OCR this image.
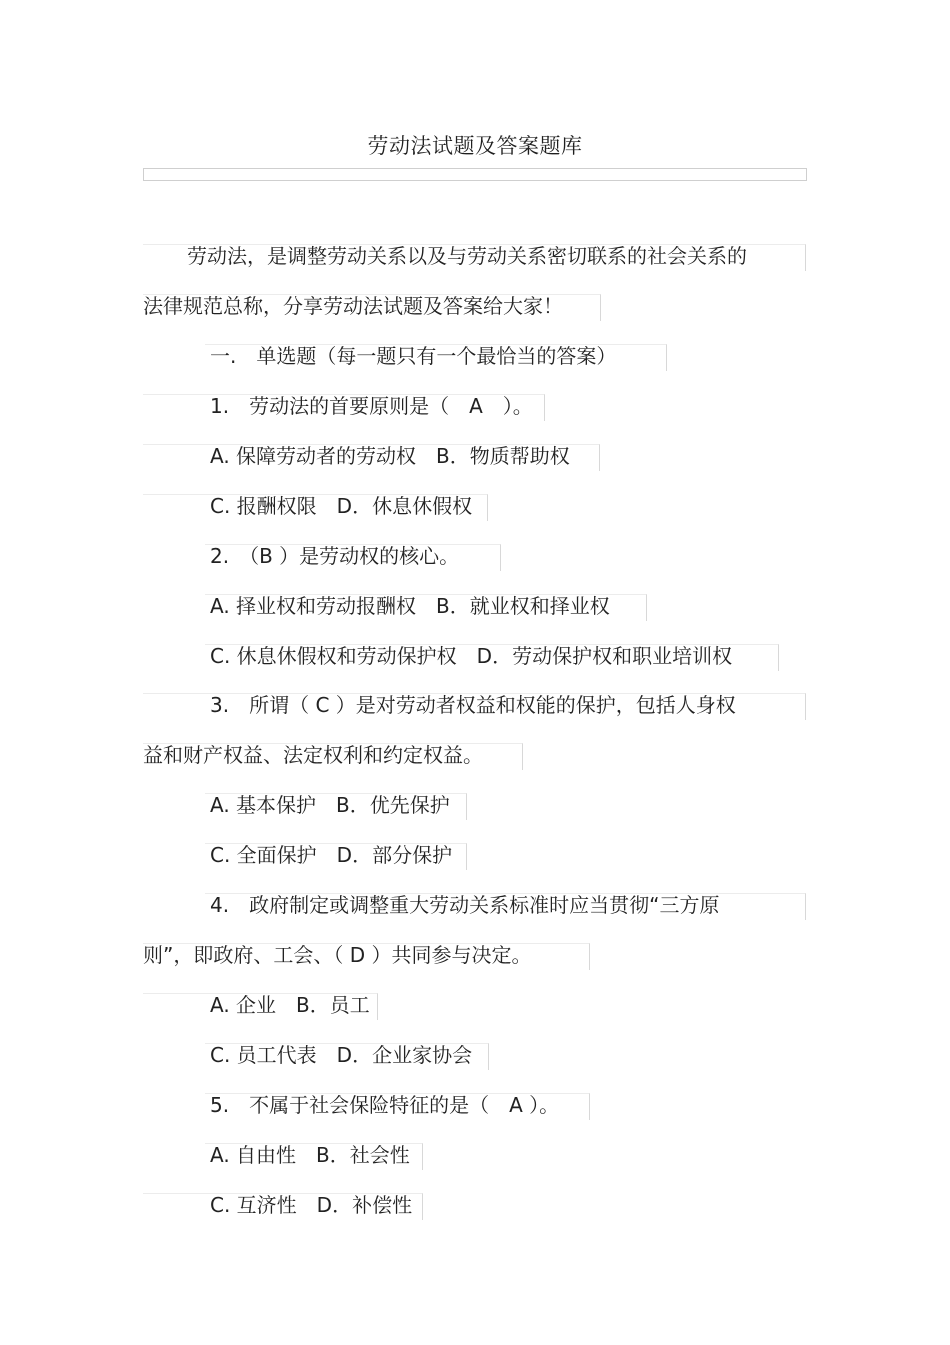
劳动法试题及答案题库
劳动法，是调整劳动关系以及与劳动关系密切联系的社会关系的
法律规范总称，分享劳动法试题及答案给大家！
一.　单选题（每一题只有一个最恰当的答案）
1.　劳动法的首要原则是（　A　）。
A. 保障劳动者的劳动权　B．物质帮助权
C. 报酬权限　D．休息休假权
2.　（B ）是劳动权的核心。
A. 择业权和劳动报酬权　B．就业权和择业权
C. 休息休假权和劳动保护权　D．劳动保护权和职业培训权
3.　所谓（ C ）是对劳动者权益和权能的保护，包括人身权
益和财产权益、法定权利和约定权益。
A. 基本保护　B．优先保护
C. 全面保护　D．部分保护
4.　政府制定或调整重大劳动关系标准时应当贯彻“三方原
则”，即政府、工会、（ D ）共同参与决定。
A. 企业　B．员工
C. 员工代表　D．企业家协会
5.　不属于社会保险特征的是（　A ）。
A. 自由性　B．社会性
C. 互济性　D．补偿性
